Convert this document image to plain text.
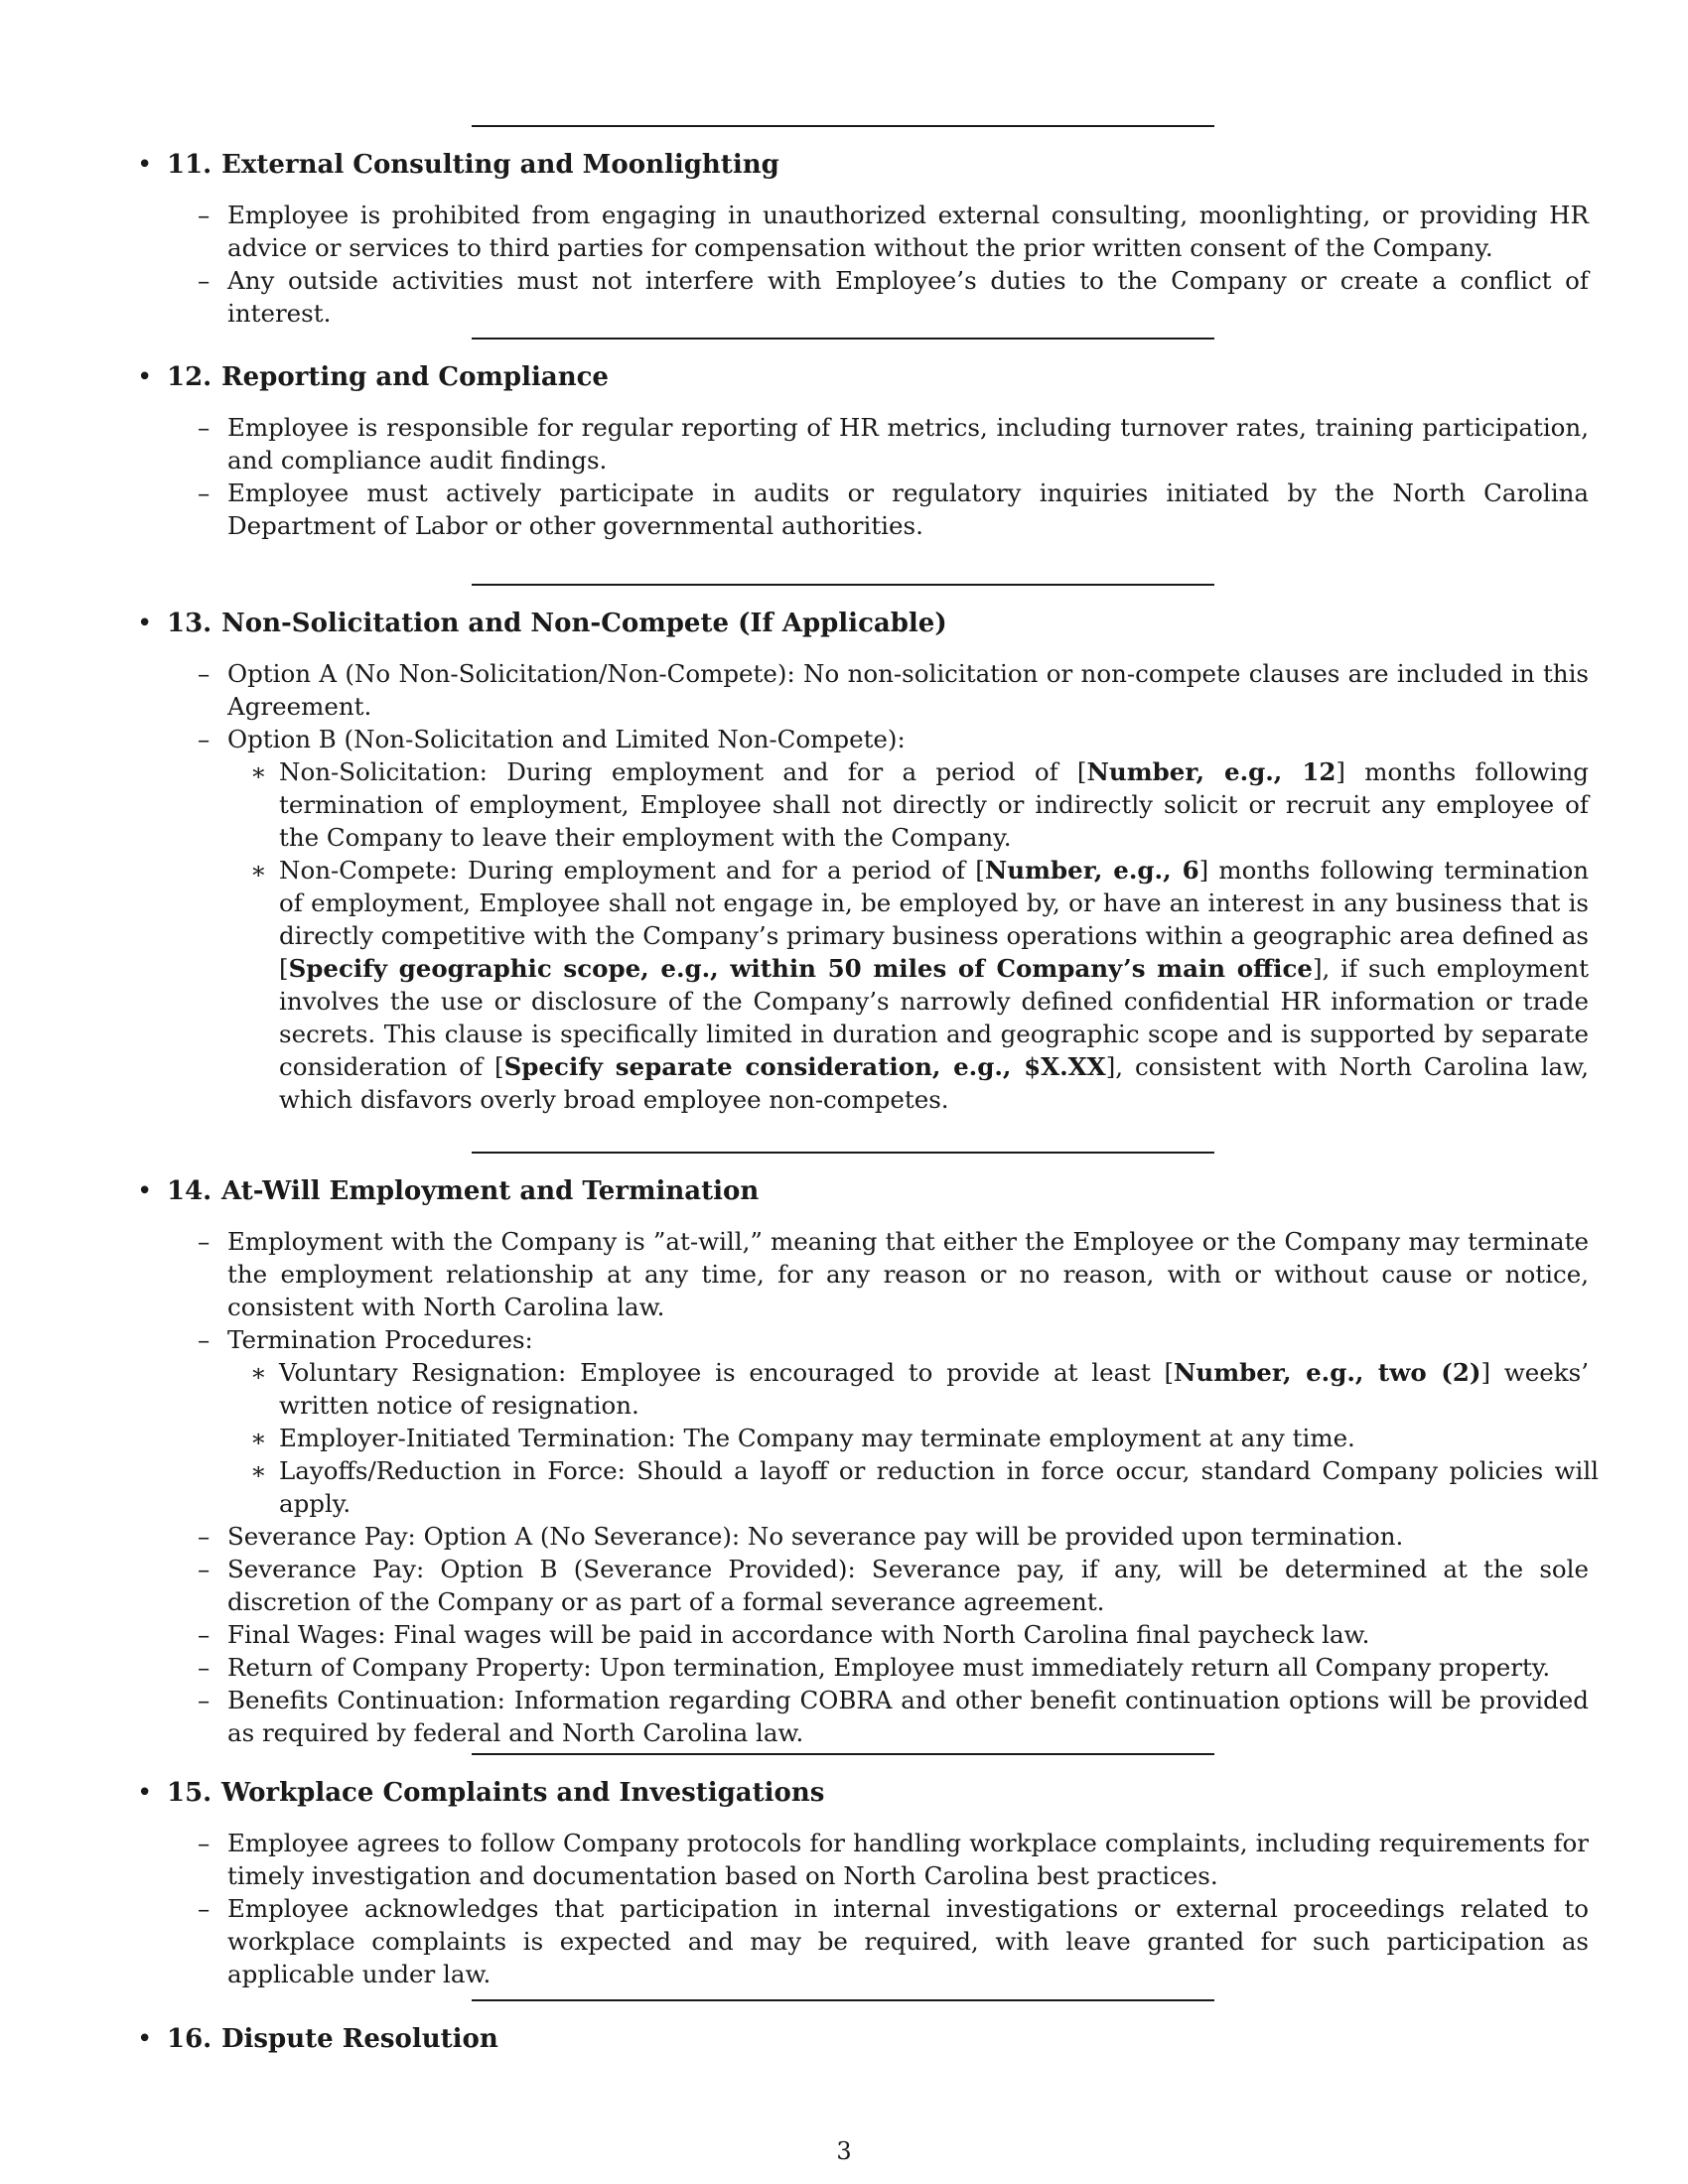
• 11. External Consulting and Moonlighting
– Employee is prohibited from engaging in unauthorized external consulting, moonlighting, or providing HR advice or services to third parties for compensation without the prior written consent of the Company.
– Any outside activities must not interfere with Employee’s duties to the Company or create a conflict of interest.
• 12. Reporting and Compliance
– Employee is responsible for regular reporting of HR metrics, including turnover rates, training participation, and compliance audit findings.
– Employee must actively participate in audits or regulatory inquiries initiated by the North Carolina Department of Labor or other governmental authorities.
• 13. Non-Solicitation and Non-Compete (If Applicable)
– Option A (No Non-Solicitation/Non-Compete): No non-solicitation or non-compete clauses are included in this Agreement.
– Option B (Non-Solicitation and Limited Non-Compete):
∗ Non-Solicitation: During employment and for a period of [Number, e.g., 12] months following termination of employment, Employee shall not directly or indirectly solicit or recruit any employee of the Company to leave their employment with the Company.
∗ Non-Compete: During employment and for a period of [Number, e.g., 6] months following termination of employment, Employee shall not engage in, be employed by, or have an interest in any business that is directly competitive with the Company’s primary business operations within a geographic area defined as [Specify geographic scope, e.g., within 50 miles of Company’s main office], if such employment involves the use or disclosure of the Company’s narrowly defined confidential HR information or trade secrets. This clause is specifically limited in duration and geographic scope and is supported by separate consideration of [Specify separate consideration, e.g., $X.XX], consistent with North Carolina law, which disfavors overly broad employee non-competes.
• 14. At-Will Employment and Termination
– Employment with the Company is ”at-will,” meaning that either the Employee or the Company may terminate the employment relationship at any time, for any reason or no reason, with or without cause or notice, consistent with North Carolina law.
– Termination Procedures:
∗ Voluntary Resignation: Employee is encouraged to provide at least [Number, e.g., two (2)] weeks’ written notice of resignation.
∗ Employer-Initiated Termination: The Company may terminate employment at any time.
∗ Layoffs/Reduction in Force: Should a layoff or reduction in force occur, standard Company policies will apply.
– Severance Pay: Option A (No Severance): No severance pay will be provided upon termination.
– Severance Pay: Option B (Severance Provided): Severance pay, if any, will be determined at the sole discretion of the Company or as part of a formal severance agreement.
– Final Wages: Final wages will be paid in accordance with North Carolina final paycheck law.
– Return of Company Property: Upon termination, Employee must immediately return all Company property.
– Benefits Continuation: Information regarding COBRA and other benefit continuation options will be provided as required by federal and North Carolina law.
• 15. Workplace Complaints and Investigations
– Employee agrees to follow Company protocols for handling workplace complaints, including requirements for timely investigation and documentation based on North Carolina best practices.
– Employee acknowledges that participation in internal investigations or external proceedings related to workplace complaints is expected and may be required, with leave granted for such participation as applicable under law.
• 16. Dispute Resolution
3
